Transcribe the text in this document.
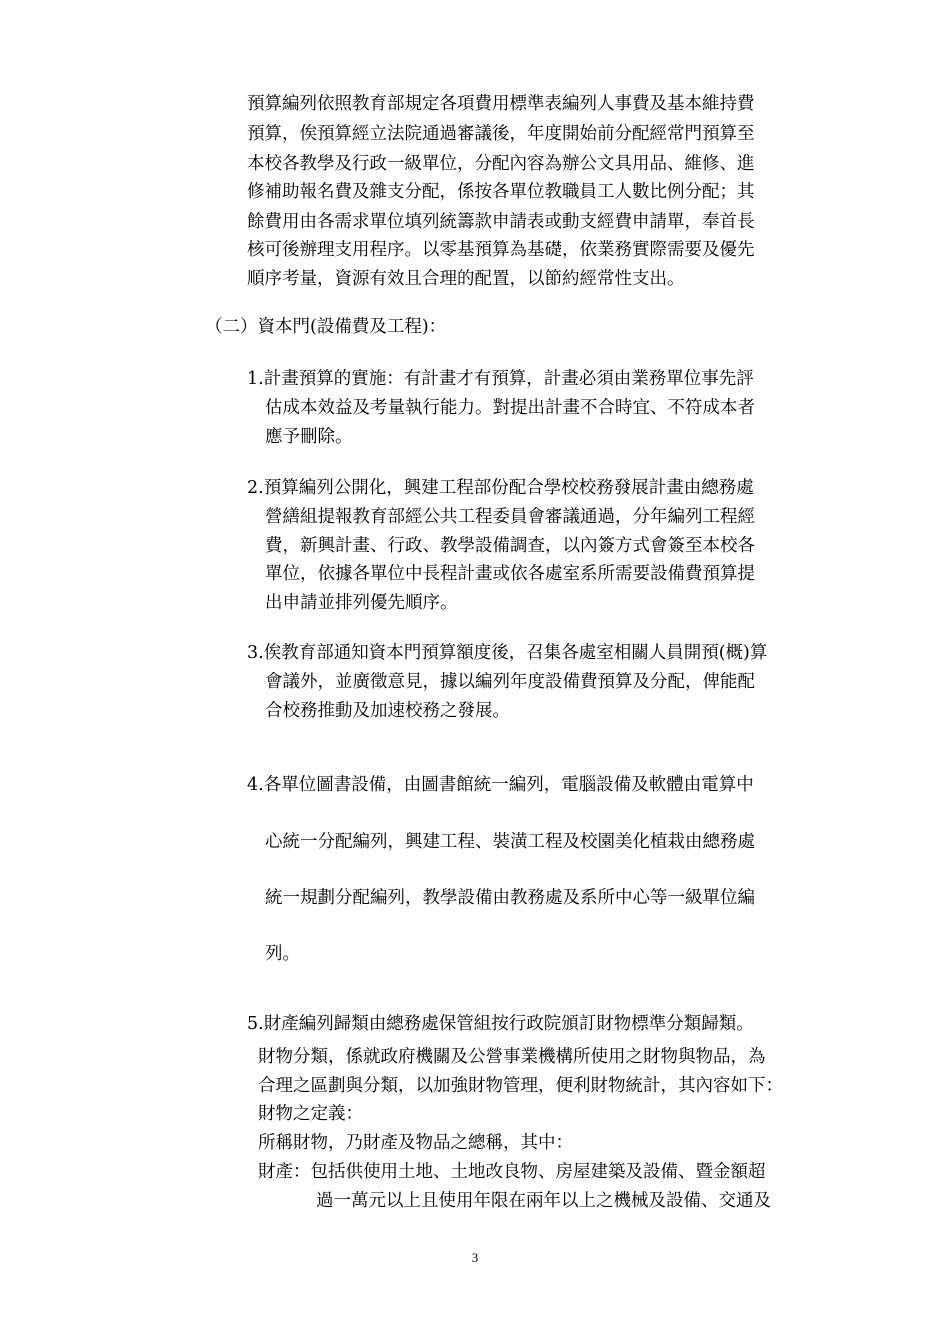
預算編列依照教育部規定各項費用標準表編列人事費及基本維持費
預算，俟預算經立法院通過審議後，年度開始前分配經常門預算至
本校各教學及行政一級單位，分配內容為辦公文具用品、維修、進
修補助報名費及雜支分配，係按各單位教職員工人數比例分配；其
餘費用由各需求單位填列統籌款申請表或動支經費申請單，奉首長
核可後辦理支用程序。以零基預算為基礎，依業務實際需要及優先
順序考量，資源有效且合理的配置，以節約經常性支出。
（二）資本門(設備費及工程)：
1.計畫預算的實施：有計畫才有預算，計畫必須由業務單位事先評
估成本效益及考量執行能力。對提出計畫不合時宜、不符成本者
應予刪除。
2.預算編列公開化，興建工程部份配合學校校務發展計畫由總務處
營繕組提報教育部經公共工程委員會審議通過，分年編列工程經
費，新興計畫、行政、教學設備調查，以內簽方式會簽至本校各
單位，依據各單位中長程計畫或依各處室系所需要設備費預算提
出申請並排列優先順序。
3.俟教育部通知資本門預算額度後，召集各處室相關人員開預(概)算
會議外，並廣徵意見，據以編列年度設備費預算及分配，俾能配
合校務推動及加速校務之發展。
4.各單位圖書設備，由圖書館統一編列，電腦設備及軟體由電算中
心統一分配編列，興建工程、裝潢工程及校園美化植栽由總務處
統一規劃分配編列，教學設備由教務處及系所中心等一級單位編
列。
5.財產編列歸類由總務處保管組按行政院頒訂財物標準分類歸類。
財物分類，係就政府機關及公營事業機構所使用之財物與物品，為
合理之區劃與分類，以加強財物管理，便利財物統計，其內容如下：
財物之定義：
所稱財物，乃財產及物品之總稱，其中：
財產：包括供使用土地、土地改良物、房屋建築及設備、暨金額超
過一萬元以上且使用年限在兩年以上之機械及設備、交通及
3
